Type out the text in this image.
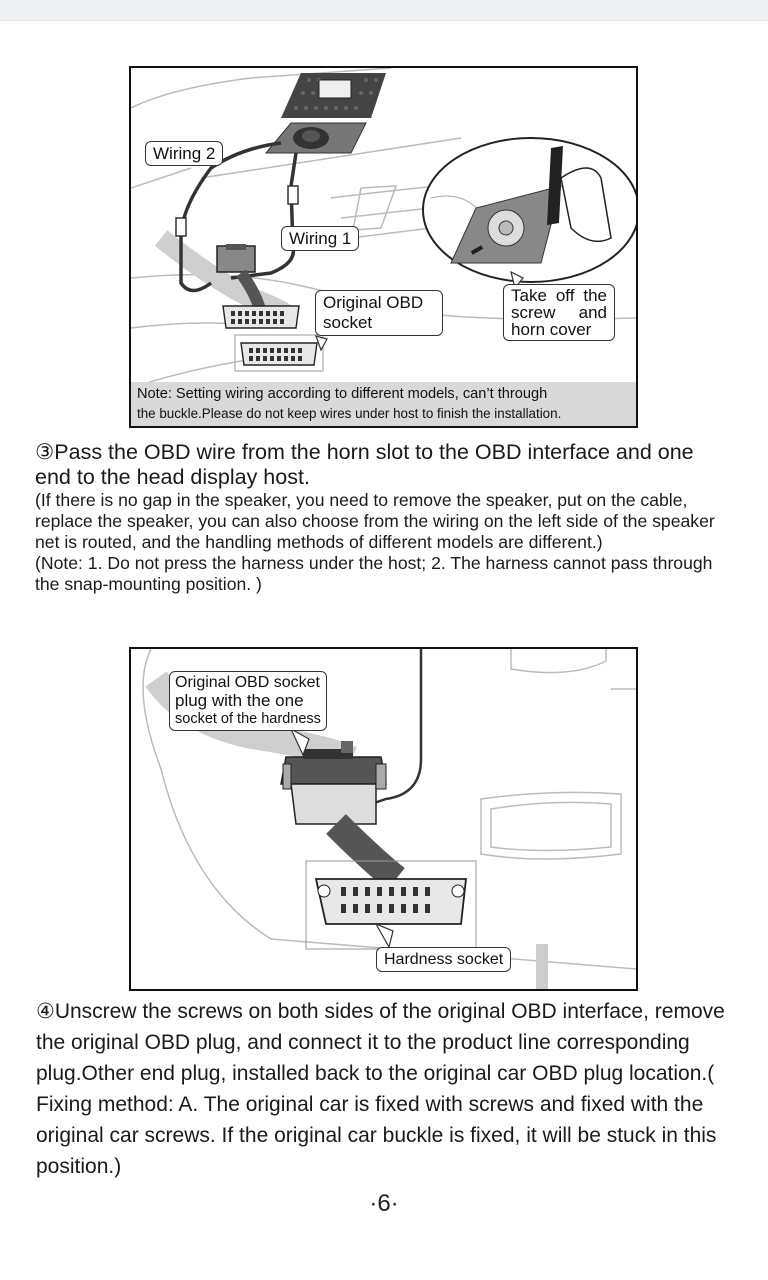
Wiring 2
Wiring 1
Original OBD socket
Take off the screw and horn cover
Note: Setting wiring according to different models, can’t through
the buckle.Please do not keep wires under host to finish the installation.

③Pass the OBD wire from the horn slot to the OBD interface and one end to the head display host.

(If there is no gap in the speaker, you need to remove the speaker, put on the cable, replace the speaker, you can also choose from the wiring on the left side of the speaker net is routed, and the handling methods of different models are different.)

(Note: 1. Do not press the harness under the host; 2. The harness cannot pass through the snap-mounting position. )

Original OBD socket
plug with the one
socket of the hardness
Hardness socket

④Unscrew the screws on both sides of the original OBD interface, remove the original OBD plug, and connect it to the product line corresponding plug.Other end plug, installed back to the original car OBD plug location.( Fixing method: A. The original car is fixed with screws and fixed with the original car screws. If the original car buckle is fixed, it will be stuck in this position.)

·6·
